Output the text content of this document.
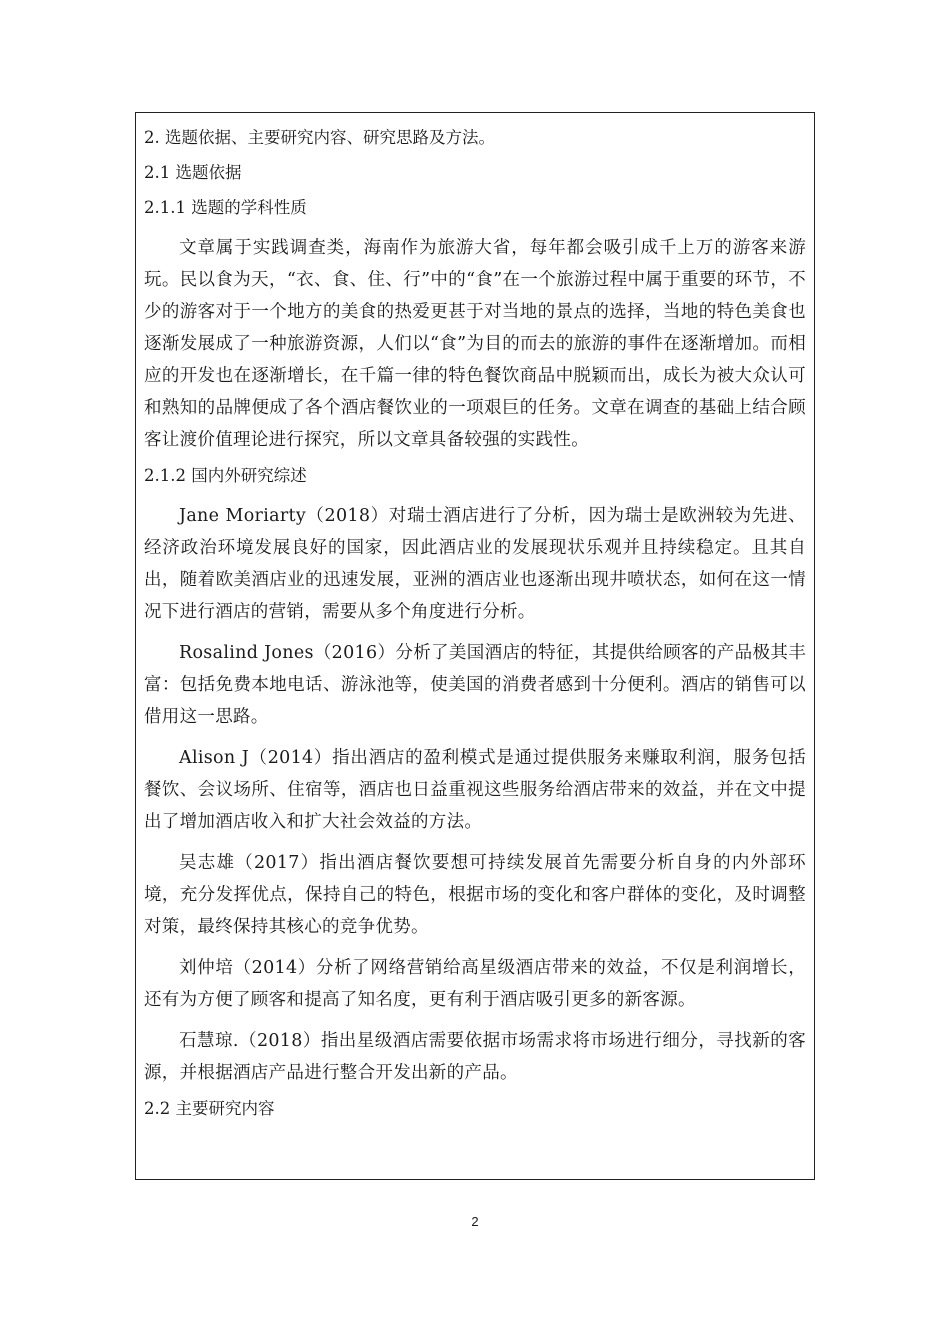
2. 选题依据、主要研究内容、研究思路及方法。
2.1 选题依据
2.1.1 选题的学科性质

文章属于实践调查类，海南作为旅游大省，每年都会吸引成千上万的游客来游玩。民以食为天，“衣、食、住、行”中的“食”在一个旅游过程中属于重要的环节，不少的游客对于一个地方的美食的热爱更甚于对当地的景点的选择，当地的特色美食也逐渐发展成了一种旅游资源，人们以“食”为目的而去的旅游的事件在逐渐增加。而相应的开发也在逐渐增长，在千篇一律的特色餐饮商品中脱颖而出，成长为被大众认可和熟知的品牌便成了各个酒店餐饮业的一项艰巨的任务。文章在调查的基础上结合顾客让渡价值理论进行探究，所以文章具备较强的实践性。

2.1.2 国内外研究综述

Jane Moriarty（2018）对瑞士酒店进行了分析，因为瑞士是欧洲较为先进、经济政治环境发展良好的国家，因此酒店业的发展现状乐观并且持续稳定。且其自出，随着欧美酒店业的迅速发展，亚洲的酒店业也逐渐出现井喷状态，如何在这一情况下进行酒店的营销，需要从多个角度进行分析。

Rosalind Jones（2016）分析了美国酒店的特征，其提供给顾客的产品极其丰富：包括免费本地电话、游泳池等，使美国的消费者感到十分便利。酒店的销售可以借用这一思路。

Alison J（2014）指出酒店的盈利模式是通过提供服务来赚取利润，服务包括餐饮、会议场所、住宿等，酒店也日益重视这些服务给酒店带来的效益，并在文中提出了增加酒店收入和扩大社会效益的方法。

吴志雄（2017）指出酒店餐饮要想可持续发展首先需要分析自身的内外部环境，充分发挥优点，保持自己的特色，根据市场的变化和客户群体的变化，及时调整对策，最终保持其核心的竞争优势。

刘仲培（2014）分析了网络营销给高星级酒店带来的效益，不仅是利润增长，还有为方便了顾客和提高了知名度，更有利于酒店吸引更多的新客源。

石慧琼.（2018）指出星级酒店需要依据市场需求将市场进行细分，寻找新的客源，并根据酒店产品进行整合开发出新的产品。

2.2 主要研究内容
2
